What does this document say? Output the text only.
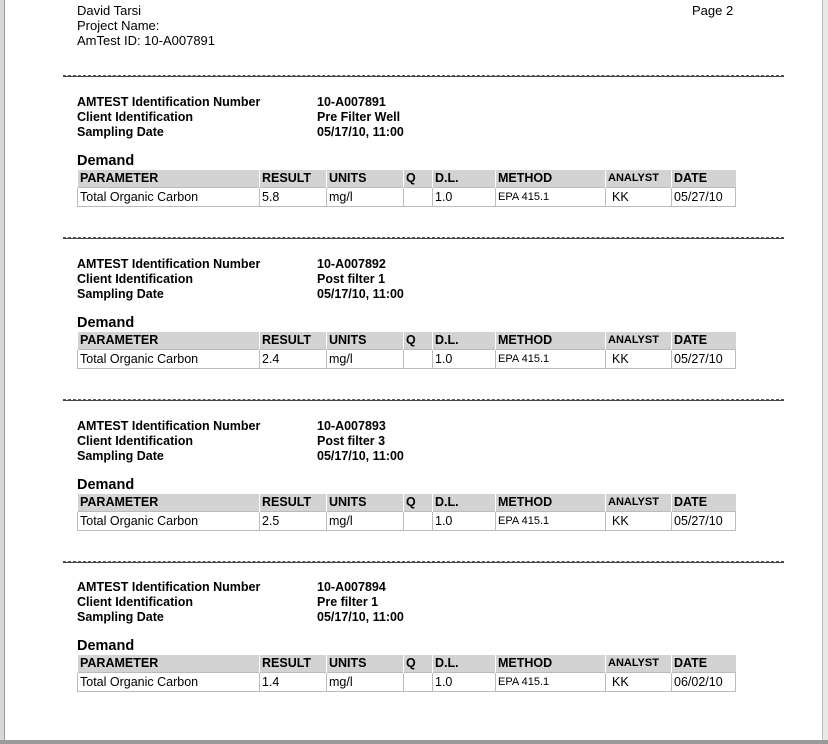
David Tarsi
Project Name:
AmTest ID: 10-A007891
Page 2
AMTEST Identification Number	10-A007891
Client Identification	Pre Filter Well
Sampling Date	05/17/10, 11:00
Demand
PARAMETER	RESULT	UNITS	Q	D.L.	METHOD	ANALYST	DATE
Total Organic Carbon	5.8	mg/l		1.0	EPA 415.1	KK	05/27/10
AMTEST Identification Number	10-A007892
Client Identification	Post filter 1
Sampling Date	05/17/10, 11:00
Demand
PARAMETER	RESULT	UNITS	Q	D.L.	METHOD	ANALYST	DATE
Total Organic Carbon	2.4	mg/l		1.0	EPA 415.1	KK	05/27/10
AMTEST Identification Number	10-A007893
Client Identification	Post filter 3
Sampling Date	05/17/10, 11:00
Demand
PARAMETER	RESULT	UNITS	Q	D.L.	METHOD	ANALYST	DATE
Total Organic Carbon	2.5	mg/l		1.0	EPA 415.1	KK	05/27/10
AMTEST Identification Number	10-A007894
Client Identification	Pre filter 1
Sampling Date	05/17/10, 11:00
Demand
PARAMETER	RESULT	UNITS	Q	D.L.	METHOD	ANALYST	DATE
Total Organic Carbon	1.4	mg/l		1.0	EPA 415.1	KK	06/02/10
